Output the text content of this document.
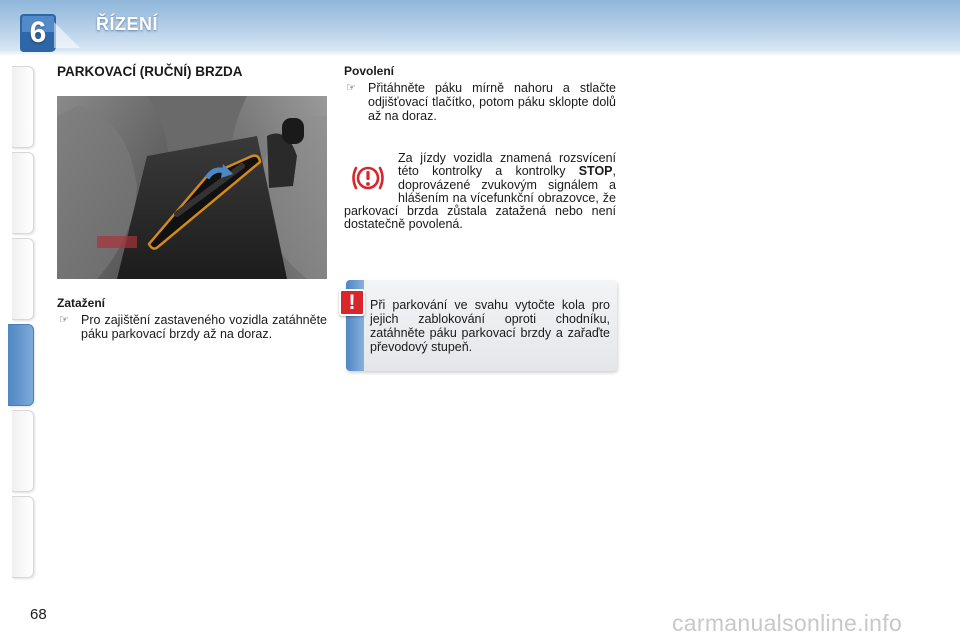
6	ŘÍZENÍ
PARKOVACÍ (RUČNÍ) BRZDA
Zatažení
☞ Pro zajištění zastaveného vozidla zatáhněte páku parkovací brzdy až na doraz.
Povolení
☞ Přitáhněte páku mírně nahoru a stlačte odjišťovací tlačítko, potom páku sklopte dolů až na doraz.
Za jízdy vozidla znamená rozsvícení této kontrolky a kontrolky STOP, doprovázené zvukovým signálem a hlášením na vícefunkční obrazovce, že parkovací brzda zůstala zatažená nebo není dostatečně povolená.
!	Při parkování ve svahu vytočte kola pro jejich zablokování oproti chodníku, zatáhněte páku parkovací brzdy a zařaďte převodový stupeň.
68	carmanualsonline.info
